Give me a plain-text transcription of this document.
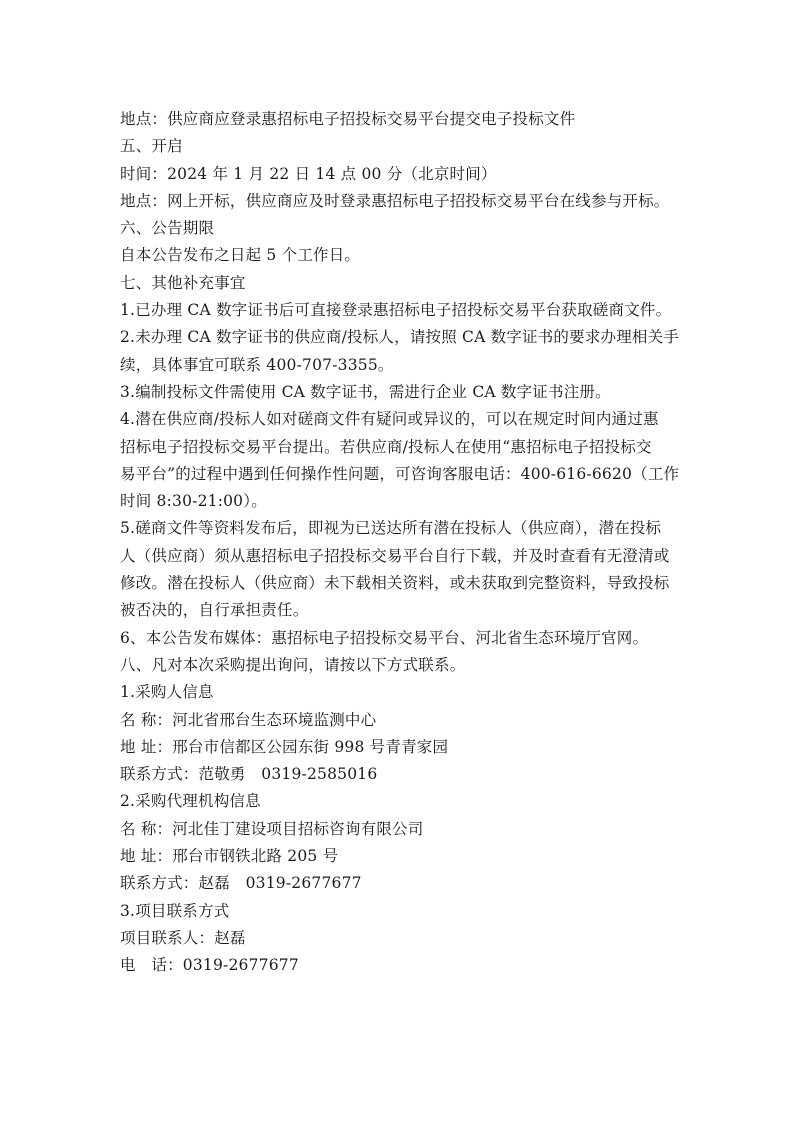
地点：供应商应登录惠招标电子招投标交易平台提交电子投标文件
五、开启
时间：2024 年 1 月 22 日 14 点 00 分（北京时间）
地点：网上开标，供应商应及时登录惠招标电子招投标交易平台在线参与开标。
六、公告期限
自本公告发布之日起 5 个工作日。
七、其他补充事宜
1.已办理 CA 数字证书后可直接登录惠招标电子招投标交易平台获取磋商文件。
2.未办理 CA 数字证书的供应商/投标人，请按照 CA 数字证书的要求办理相关手
续，具体事宜可联系 400-707-3355。
3.编制投标文件需使用 CA 数字证书，需进行企业 CA 数字证书注册。
4.潜在供应商/投标人如对磋商文件有疑问或异议的，可以在规定时间内通过惠
招标电子招投标交易平台提出。若供应商/投标人在使用“惠招标电子招投标交
易平台”的过程中遇到任何操作性问题，可咨询客服电话：400-616-6620（工作
时间 8:30-21:00）。
5.磋商文件等资料发布后，即视为已送达所有潜在投标人（供应商），潜在投标
人（供应商）须从惠招标电子招投标交易平台自行下载，并及时查看有无澄清或
修改。潜在投标人（供应商）未下载相关资料，或未获取到完整资料，导致投标
被否决的，自行承担责任。
6、本公告发布媒体：惠招标电子招投标交易平台、河北省生态环境厅官网。
八、凡对本次采购提出询问，请按以下方式联系。
1.采购人信息
名 称：河北省邢台生态环境监测中心
地 址：邢台市信都区公园东街 998 号青青家园
联系方式：范敬勇　0319-2585016
2.采购代理机构信息
名 称：河北佳丁建设项目招标咨询有限公司
地 址：邢台市钢铁北路 205 号
联系方式：赵磊　0319-2677677
3.项目联系方式
项目联系人：赵磊
电　话：0319-2677677
